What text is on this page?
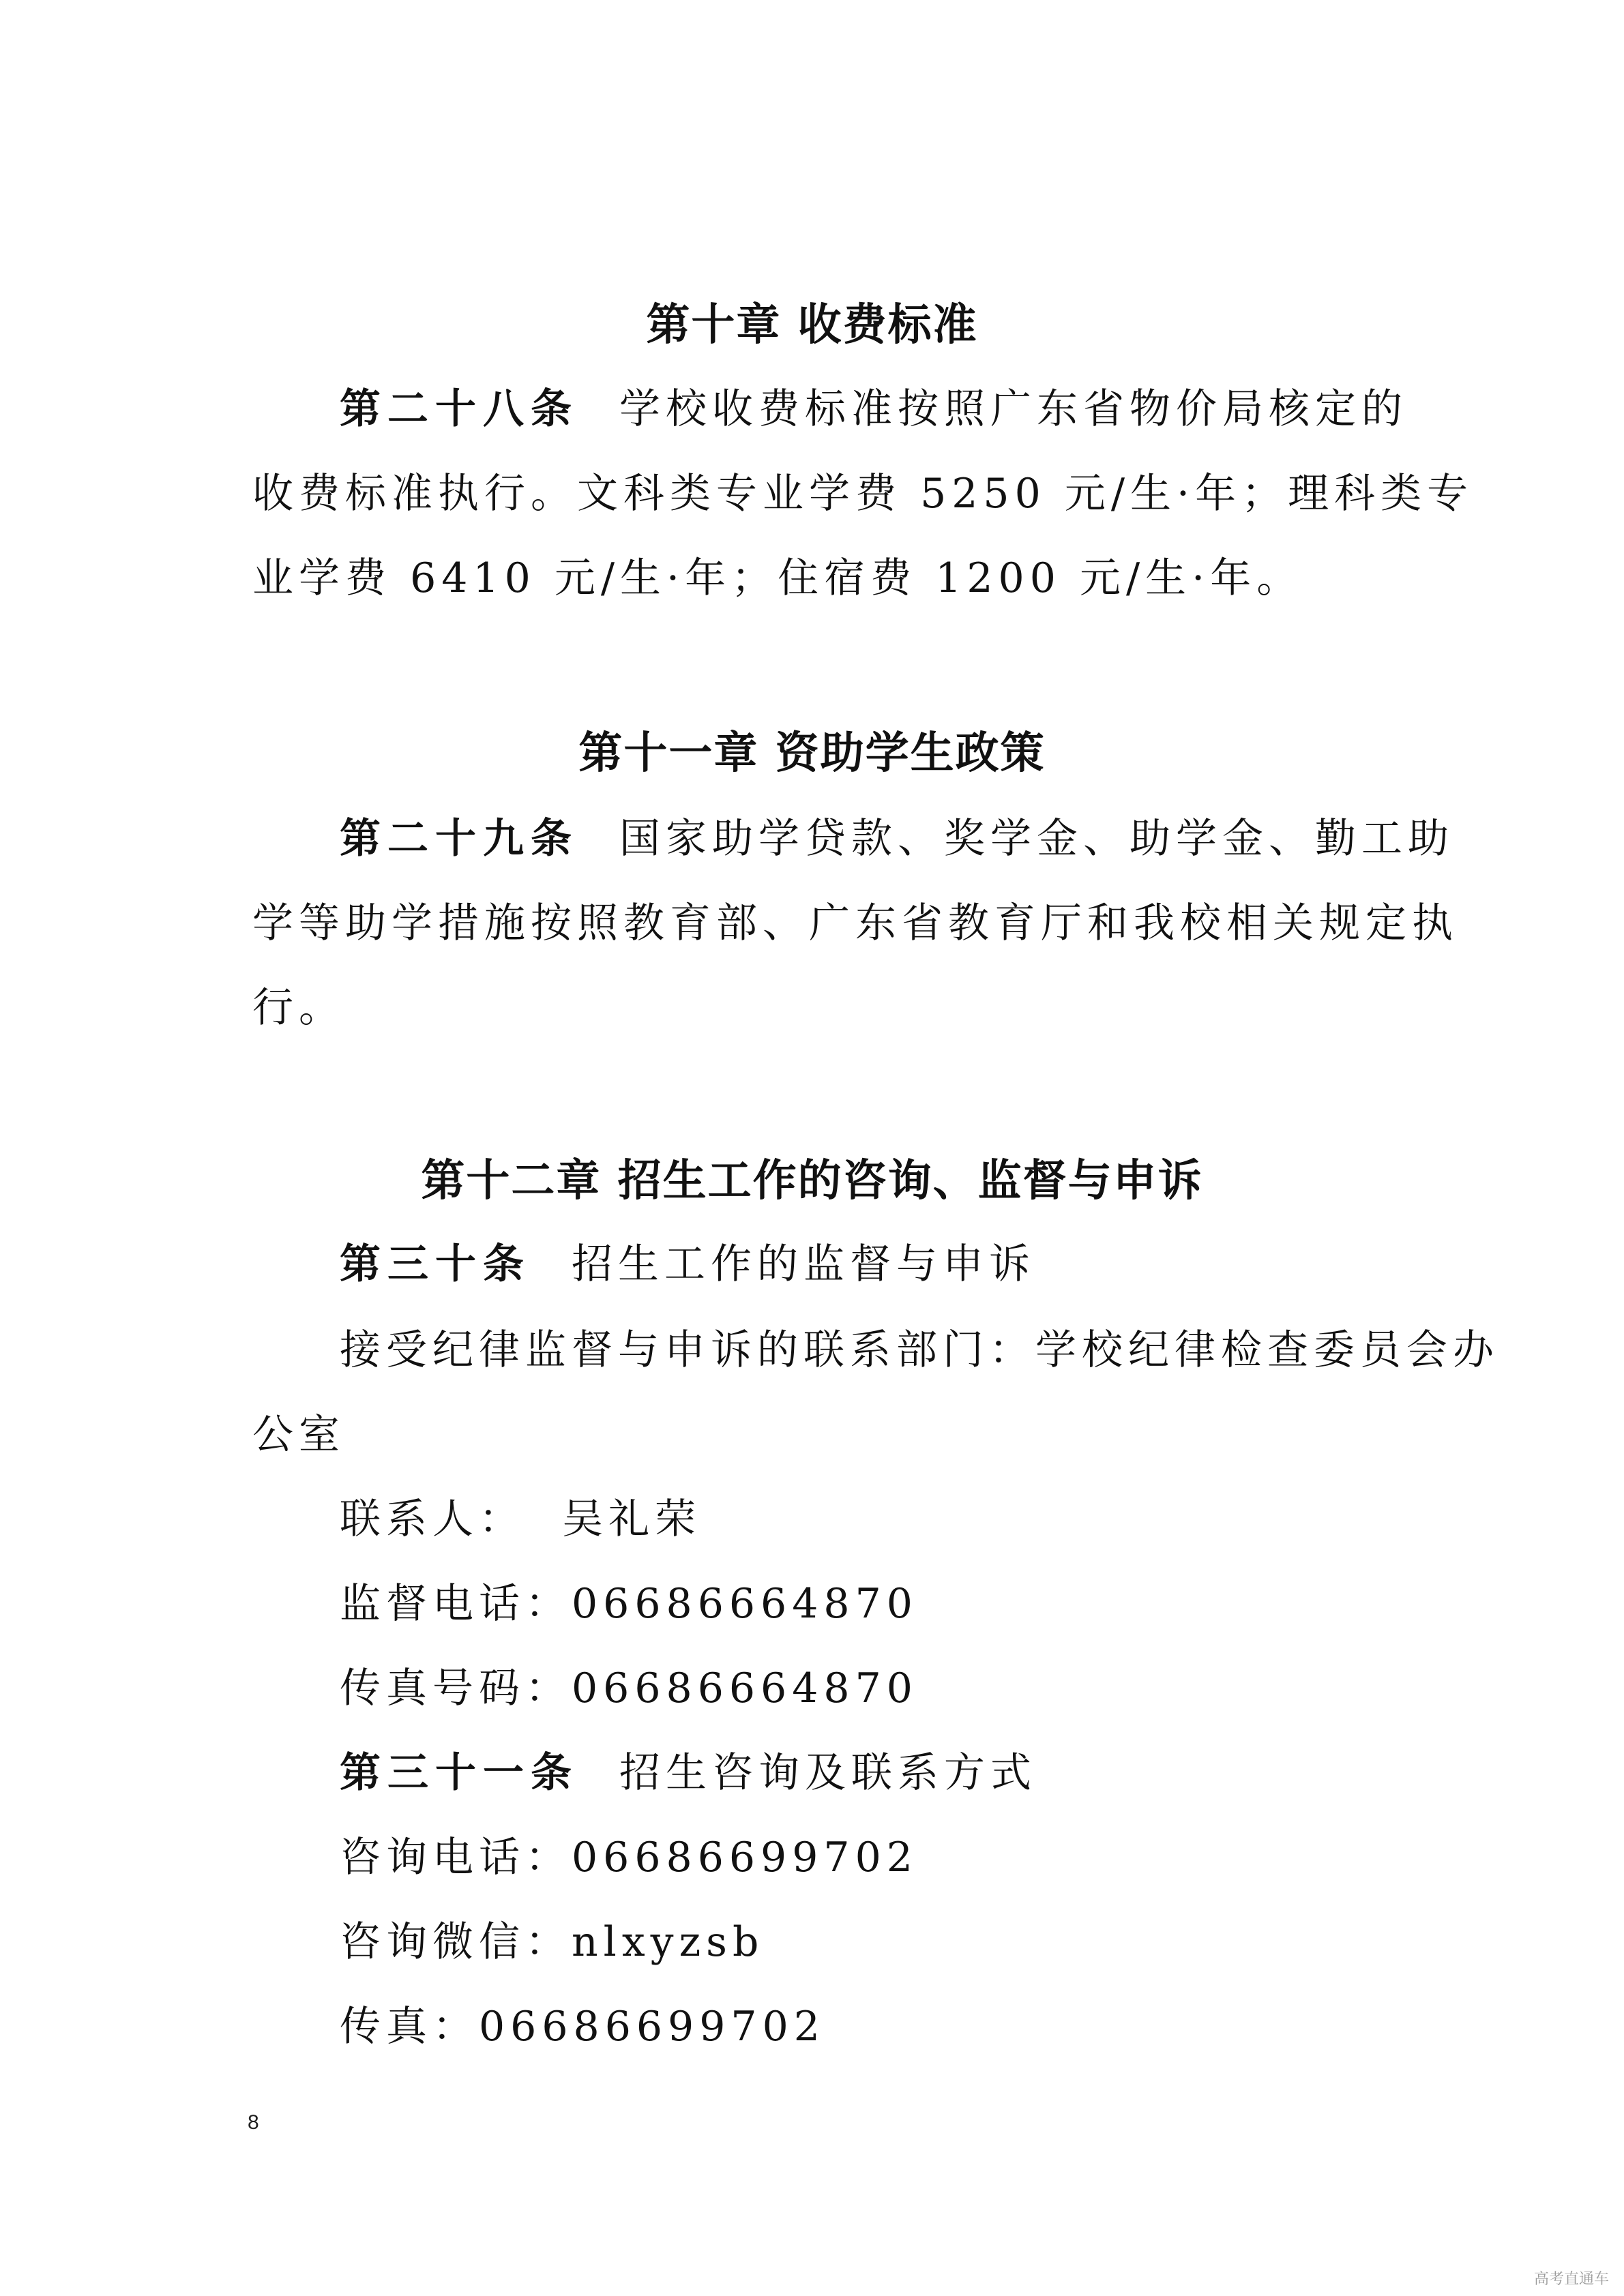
第十章 收费标准
第二十八条 学校收费标准按照广东省物价局核定的
收费标准执行。文科类专业学费 5250 元/生·年；理科类专
业学费 6410 元/生·年；住宿费 1200 元/生·年。
第十一章 资助学生政策
第二十九条 国家助学贷款、奖学金、助学金、勤工助
学等助学措施按照教育部、广东省教育厅和我校相关规定执
行。
第十二章 招生工作的咨询、监督与申诉
第三十条 招生工作的监督与申诉
接受纪律监督与申诉的联系部门：学校纪律检查委员会办
公室
联系人：  吴礼荣
监督电话：06686664870
传真号码：06686664870
第三十一条 招生咨询及联系方式
咨询电话：06686699702
咨询微信：nlxyzsb
传真：06686699702
8
高考直通车
